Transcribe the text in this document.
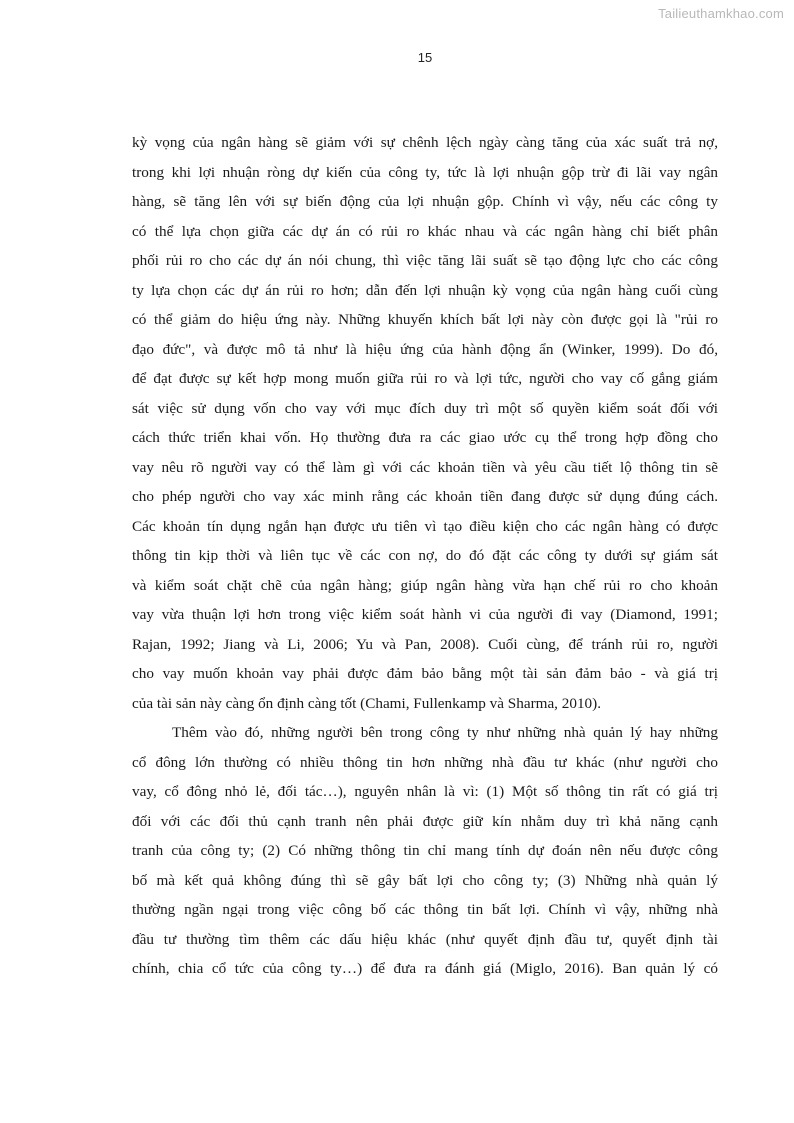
Tailieuthamkhao.com
15
kỳ vọng của ngân hàng sẽ giảm với sự chênh lệch ngày càng tăng của xác suất trả nợ,
trong khi lợi nhuận ròng dự kiến của công ty, tức là lợi nhuận gộp trừ đi lãi vay ngân
hàng, sẽ tăng lên với sự biến động của lợi nhuận gộp. Chính vì vậy, nếu các công ty
có thể lựa chọn giữa các dự án có rủi ro khác nhau và các ngân hàng chỉ biết phân
phối rủi ro cho các dự án nói chung, thì việc tăng lãi suất sẽ tạo động lực cho các công
ty lựa chọn các dự án rủi ro hơn; dẫn đến lợi nhuận kỳ vọng của ngân hàng cuối cùng
có thể giảm do hiệu ứng này. Những khuyến khích bất lợi này còn được gọi là "rủi ro
đạo đức", và được mô tả như là hiệu ứng của hành động ẩn (Winker, 1999). Do đó,
để đạt được sự kết hợp mong muốn giữa rủi ro và lợi tức, người cho vay cố gắng giám
sát việc sử dụng vốn cho vay với mục đích duy trì một số quyền kiểm soát đối với
cách thức triển khai vốn. Họ thường đưa ra các giao ước cụ thể trong hợp đồng cho
vay nêu rõ người vay có thể làm gì với các khoản tiền và yêu cầu tiết lộ thông tin sẽ
cho phép người cho vay xác minh rằng các khoản tiền đang được sử dụng đúng cách.
Các khoản tín dụng ngắn hạn được ưu tiên vì tạo điều kiện cho các ngân hàng có được
thông tin kịp thời và liên tục về các con nợ, do đó đặt các công ty dưới sự giám sát
và kiểm soát chặt chẽ của ngân hàng; giúp ngân hàng vừa hạn chế rủi ro cho khoản
vay vừa thuận lợi hơn trong việc kiểm soát hành vi của người đi vay (Diamond, 1991;
Rajan, 1992; Jiang và Li, 2006; Yu và Pan, 2008). Cuối cùng, để tránh rủi ro, người
cho vay muốn khoản vay phải được đảm bảo bằng một tài sản đảm bảo - và giá trị
của tài sản này càng ổn định càng tốt (Chami, Fullenkamp và Sharma, 2010).
Thêm vào đó, những người bên trong công ty như những nhà quản lý hay những
cổ đông lớn thường có nhiều thông tin hơn những nhà đầu tư khác (như người cho
vay, cổ đông nhỏ lẻ, đối tác…), nguyên nhân là vì: (1) Một số thông tin rất có giá trị
đối với các đối thủ cạnh tranh nên phải được giữ kín nhằm duy trì khả năng cạnh
tranh của công ty; (2) Có những thông tin chỉ mang tính dự đoán nên nếu được công
bố mà kết quả không đúng thì sẽ gây bất lợi cho công ty; (3) Những nhà quản lý
thường ngần ngại trong việc công bố các thông tin bất lợi. Chính vì vậy, những nhà
đầu tư thường tìm thêm các dấu hiệu khác (như quyết định đầu tư, quyết định tài
chính, chia cổ tức của công ty…) để đưa ra đánh giá (Miglo, 2016). Ban quản lý có
